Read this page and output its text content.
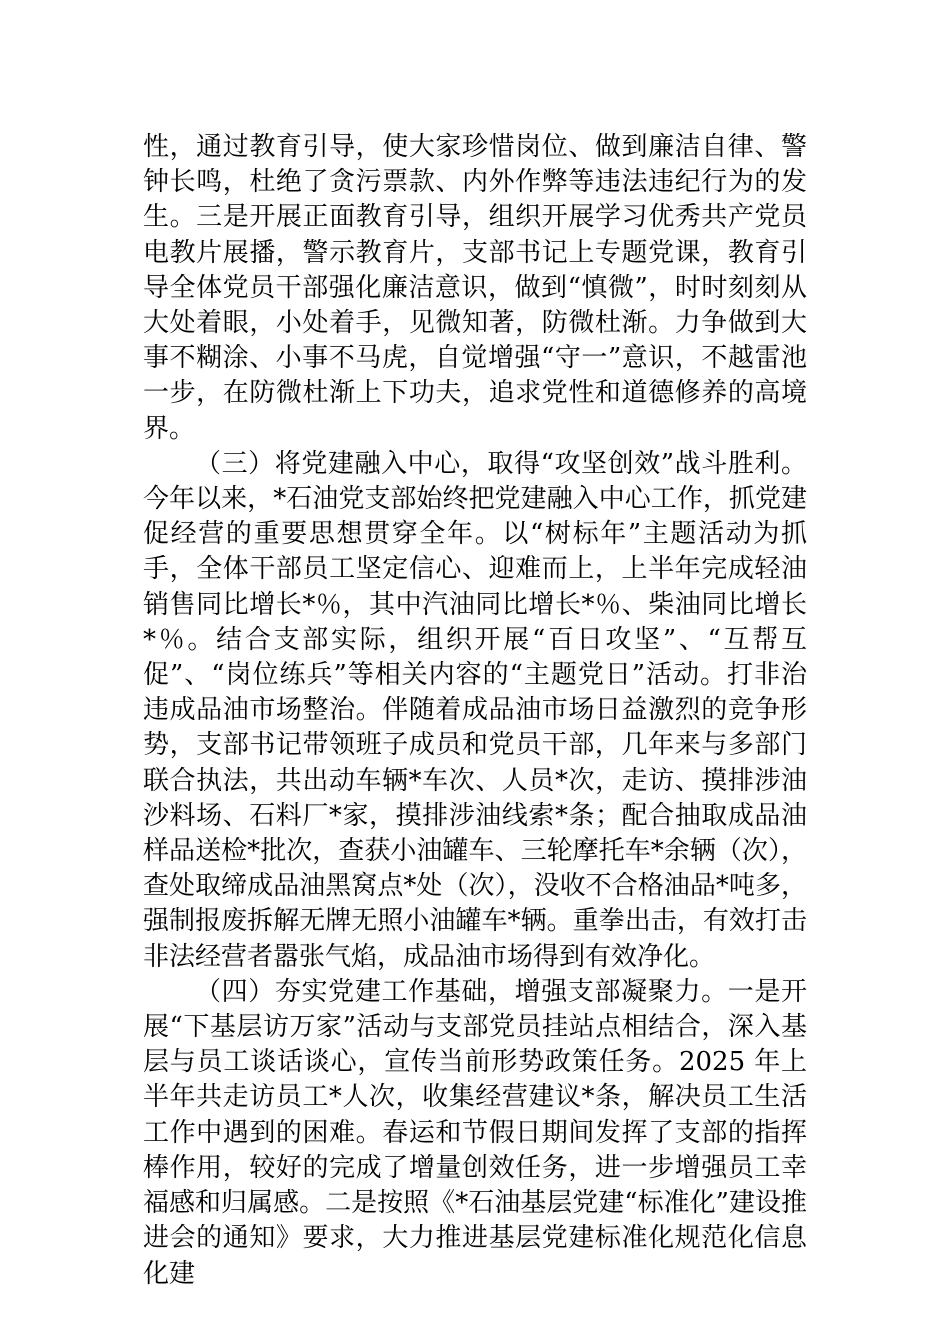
性，通过教育引导，使大家珍惜岗位、做到廉洁自律、警钟长鸣，杜绝了贪污票款、内外作弊等违法违纪行为的发生。三是开展正面教育引导，组织开展学习优秀共产党员电教片展播，警示教育片，支部书记上专题党课，教育引导全体党员干部强化廉洁意识，做到“慎微”，时时刻刻从大处着眼，小处着手，见微知著，防微杜渐。力争做到大事不糊涂、小事不马虎，自觉增强“守一”意识，不越雷池一步，在防微杜渐上下功夫，追求党性和道德修养的高境界。

（三）将党建融入中心，取得“攻坚创效”战斗胜利。今年以来，*石油党支部始终把党建融入中心工作，抓党建促经营的重要思想贯穿全年。以“树标年”主题活动为抓手，全体干部员工坚定信心、迎难而上，上半年完成轻油销售同比增长*％，其中汽油同比增长*％、柴油同比增长*％。结合支部实际，组织开展“百日攻坚”、“互帮互促”、“岗位练兵”等相关内容的“主题党日”活动。打非治违成品油市场整治。伴随着成品油市场日益激烈的竞争形势，支部书记带领班子成员和党员干部，几年来与多部门联合执法，共出动车辆*车次、人员*次，走访、摸排涉油沙料场、石料厂*家，摸排涉油线索*条；配合抽取成品油样品送检*批次，查获小油罐车、三轮摩托车*余辆（次），查处取缔成品油黑窝点*处（次），没收不合格油品*吨多，强制报废拆解无牌无照小油罐车*辆。重拳出击，有效打击非法经营者嚣张气焰，成品油市场得到有效净化。

（四）夯实党建工作基础，增强支部凝聚力。一是开展“下基层访万家”活动与支部党员挂站点相结合，深入基层与员工谈话谈心，宣传当前形势政策任务。2025 年上半年共走访员工*人次，收集经营建议*条，解决员工生活工作中遇到的困难。春运和节假日期间发挥了支部的指挥棒作用，较好的完成了增量创效任务，进一步增强员工幸福感和归属感。二是按照《*石油基层党建“标准化”建设推进会的通知》要求，大力推进基层党建标准化规范化信息化建
